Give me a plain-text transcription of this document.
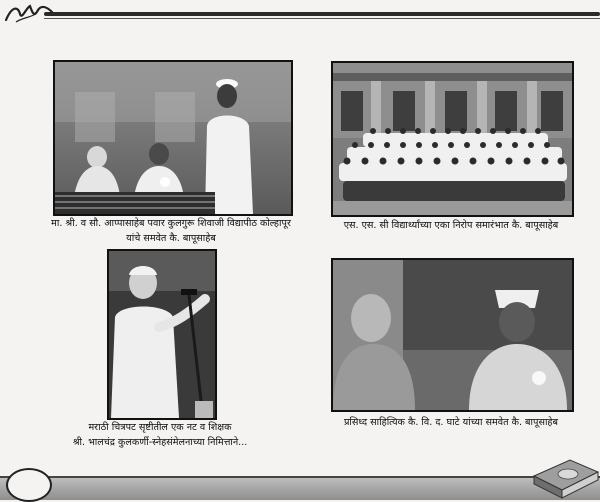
मा. श्री. व सौ. आप्पासाहेब पवार कुलगुरू शिवाजी विद्यापीठ कोल्हापूर
यांचे समवेत कै. बापूसाहेब
एस. एस. सी विद्यार्थ्यांच्या एका निरोप समारंभात कै. बापूसाहेब
मराठी चित्रपट सृष्टीतील एक नट व शिक्षक
श्री. भालचंद्र कुलकर्णी-स्नेहसंमेलनाच्या निमित्ताने...
प्रसिध्द साहित्यिक कै. वि. द. घाटे यांच्या समवेत कै. बापूसाहेब
